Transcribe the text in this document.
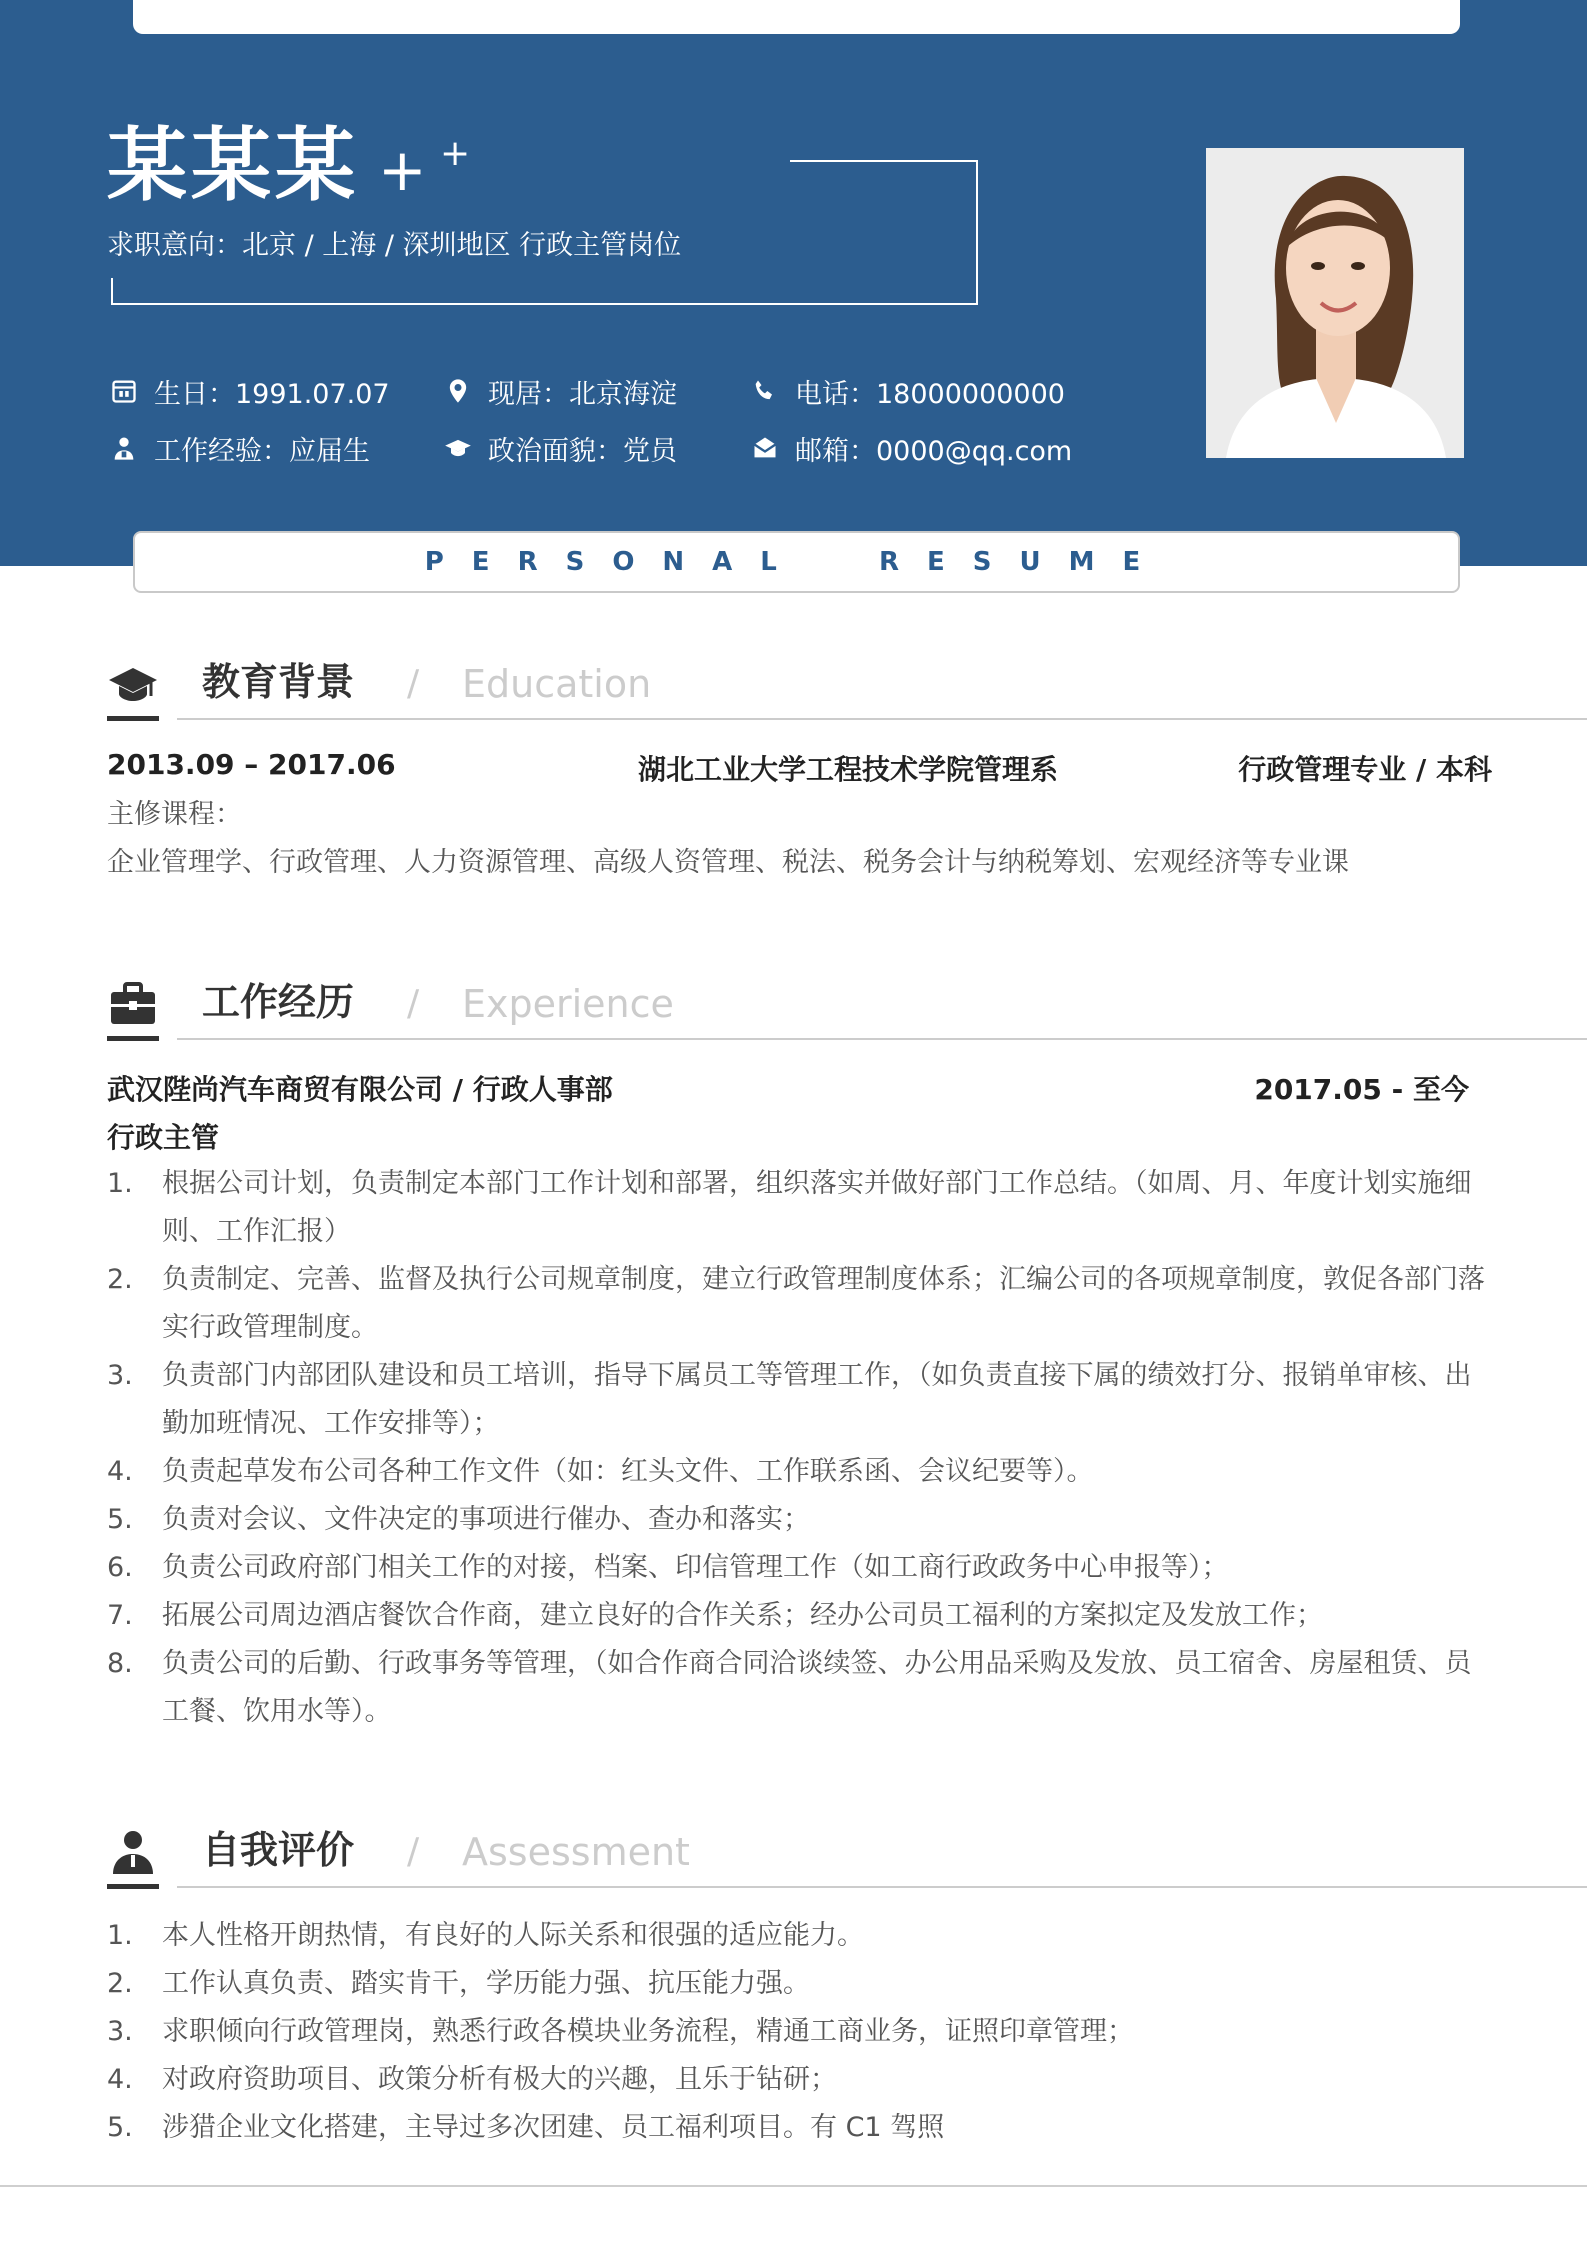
某某某 + +
求职意向：北京 / 上海 / 深圳地区 行政主管岗位
生日：1991.07.07	现居：北京海淀	电话：18000000000
工作经验：应届生	政治面貌：党员	邮箱：0000@qq.com
PERSONAL  RESUME
教育背景 / Education
2013.09 – 2017.06	湖北工业大学工程技术学院管理系	行政管理专业 / 本科
主修课程：
企业管理学、行政管理、人力资源管理、高级人资管理、税法、税务会计与纳税筹划、宏观经济等专业课
工作经历 / Experience
武汉陛尚汽车商贸有限公司 / 行政人事部	2017.05 - 至今
行政主管
1. 根据公司计划，负责制定本部门工作计划和部署，组织落实并做好部门工作总结。（如周、月、年度计划实施细则、工作汇报）
2. 负责制定、完善、监督及执行公司规章制度，建立行政管理制度体系；汇编公司的各项规章制度，敦促各部门落实行政管理制度。
3. 负责部门内部团队建设和员工培训，指导下属员工等管理工作，（如负责直接下属的绩效打分、报销单审核、出勤加班情况、工作安排等）；
4. 负责起草发布公司各种工作文件（如：红头文件、工作联系函、会议纪要等）。
5. 负责对会议、文件决定的事项进行催办、查办和落实；
6. 负责公司政府部门相关工作的对接，档案、印信管理工作（如工商行政政务中心申报等）；
7. 拓展公司周边酒店餐饮合作商，建立良好的合作关系；经办公司员工福利的方案拟定及发放工作；
8. 负责公司的后勤、行政事务等管理，（如合作商合同洽谈续签、办公用品采购及发放、员工宿舍、房屋租赁、员工餐、饮用水等）。
自我评价 / Assessment
1. 本人性格开朗热情，有良好的人际关系和很强的适应能力。
2. 工作认真负责、踏实肯干，学历能力强、抗压能力强。
3. 求职倾向行政管理岗，熟悉行政各模块业务流程，精通工商业务，证照印章管理；
4. 对政府资助项目、政策分析有极大的兴趣，且乐于钻研；
5. 涉猎企业文化搭建，主导过多次团建、员工福利项目。有 C1 驾照
